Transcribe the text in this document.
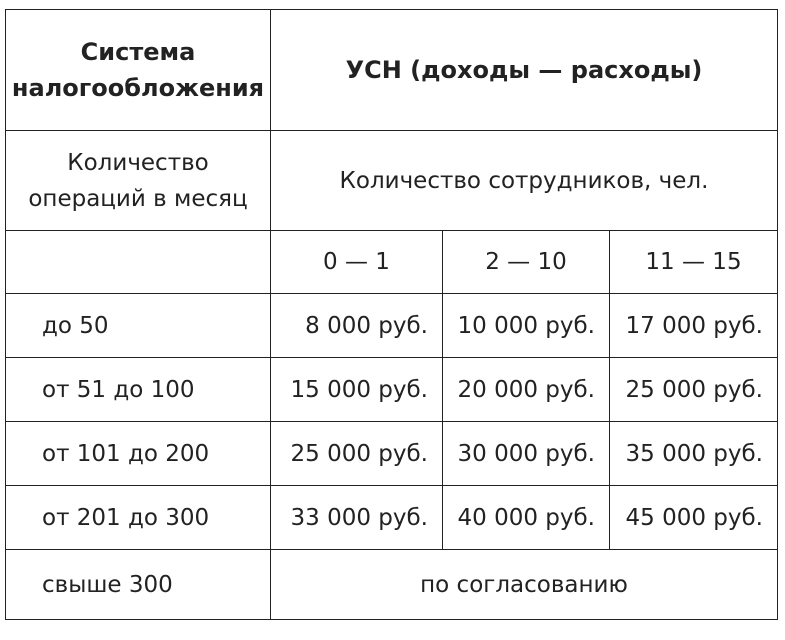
Система налогообложения	УСН (доходы — расходы)		
Количество операций в месяц	Количество сотрудников, чел.		
	0 — 1	2 — 10	11 — 15
до 50	8 000 руб.	10 000 руб.	17 000 руб.
от 51 до 100	15 000 руб.	20 000 руб.	25 000 руб.
от 101 до 200	25 000 руб.	30 000 руб.	35 000 руб.
от 201 до 300	33 000 руб.	40 000 руб.	45 000 руб.
свыше 300	по согласованию		
